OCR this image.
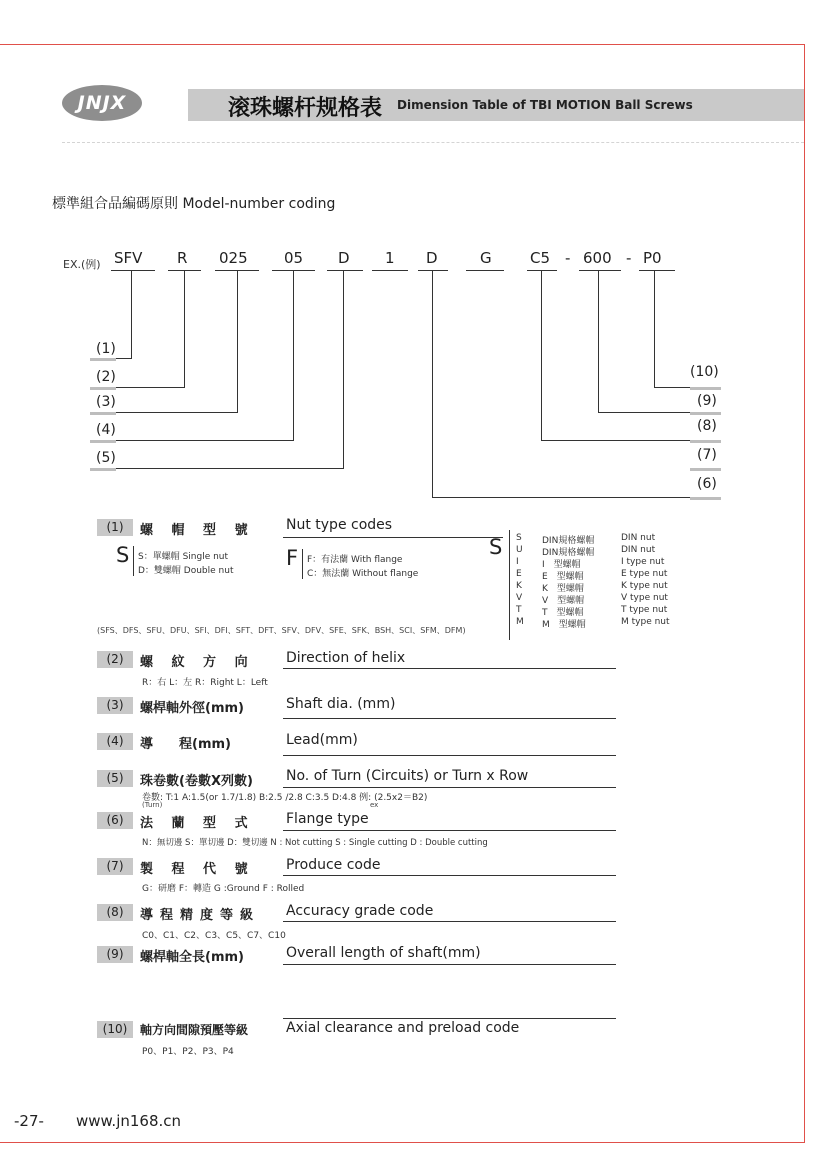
JNJX	滚珠螺杆规格表 Dimension Table of TBI MOTION Ball Screws
標準組合品編碼原則 Model-number coding
EX.(例) SFV R 025 05 D 1 D	G	C5 - 600 - P0
(1)
(2)
(3)
(4)
(5)
(10)
(9)
(8)
(7)
(6)
(1)	螺 帽 型 號 Nut type codes
S S：單螺帽 Single nut
D：雙螺帽 Double nut
F F：有法蘭 With flange
C：無法蘭 Without flange
(SFS、DFS、SFU、DFU、SFI、DFI、SFT、DFT、SFV、DFV、SFE、SFK、BSH、SCI、SFM、DFM)
S S DIN規格螺帽	DIN nut
U DIN規格螺帽	DIN nut
I	I　型螺帽	I type nut
E E　型螺帽	E type nut
K K　型螺帽	K type nut
V V　型螺帽	V type nut
T T　型螺帽	T type nut
M M　型螺帽	M type nut
(2)	螺 紋 方 向 Direction of helix
R：右 L：左 R：Right L：Left
(3)	螺桿軸外徑(mm)	Shaft dia. (mm)
(4)	導　　程(mm)	Lead(mm)
(5)	珠卷數(卷數X列數) No. of Turn (Circuits) or Turn x Row
卷數: T:1 A:1.5(or 1.7/1.8) B:2.5 /2.8 C:3.5 D:4.8 例: (2.5x2＝B2)
(Turn)	ex
(6)	法 蘭 型 式 Flange type
N：無切邊 S：單切邊 D：雙切邊 N : Not cutting S : Single cutting D : Double cutting
(7)	製 程 代 號 Produce code
G：研磨 F：轉造 G :Ground F : Rolled
(8)	導程精度等級 Accuracy grade code
C0、C1、C2、C3、C5、C7、C10
(9)	螺桿軸全長(mm)	Overall length of shaft(mm)
(10)	軸方向間隙預壓等級	Axial clearance and preload code
P0、P1、P2、P3、P4
-27- www.jn168.cn
